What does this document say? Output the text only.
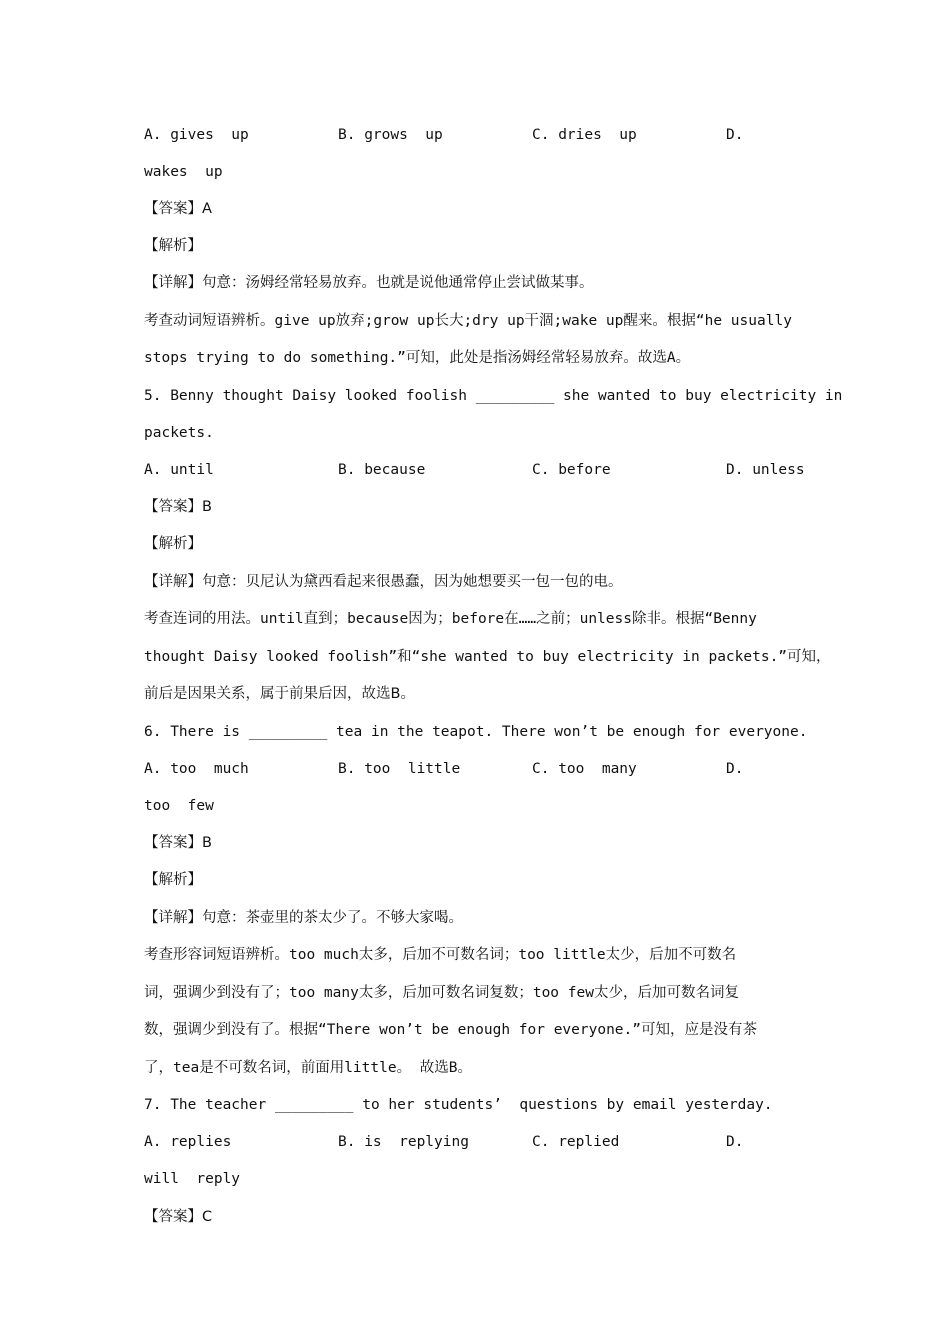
A. gives  up	B. grows  up	C. dries  up	D.
wakes  up
【答案】A
【解析】
【详解】句意：汤姆经常轻易放弃。也就是说他通常停止尝试做某事。
考查动词短语辨析。give up放弃;grow up长大;dry up干涸;wake up醒来。根据“he usually
stops trying to do something.”可知，此处是指汤姆经常轻易放弃。故选A。
5. Benny thought Daisy looked foolish _________ she wanted to buy electricity in
packets.
A. until	B. because	C. before	D. unless
【答案】B
【解析】
【详解】句意：贝尼认为黛西看起来很愚蠢，因为她想要买一包一包的电。
考查连词的用法。until直到；because因为；before在……之前；unless除非。根据“Benny
thought Daisy looked foolish”和“she wanted to buy electricity in packets.”可知，
前后是因果关系，属于前果后因，故选B。
6. There is _________ tea in the teapot. There won’t be enough for everyone.
A. too  much	B. too  little	C. too  many	D.
too  few
【答案】B
【解析】
【详解】句意：茶壶里的茶太少了。不够大家喝。
考查形容词短语辨析。too much太多，后加不可数名词；too little太少，后加不可数名
词，强调少到没有了；too many太多，后加可数名词复数；too few太少，后加可数名词复
数，强调少到没有了。根据“There won’t be enough for everyone.”可知，应是没有茶
了，tea是不可数名词，前面用little。 故选B。
7. The teacher _________ to her students’  questions by email yesterday.
A. replies	B. is  replying	C. replied	D.
will  reply
【答案】C
